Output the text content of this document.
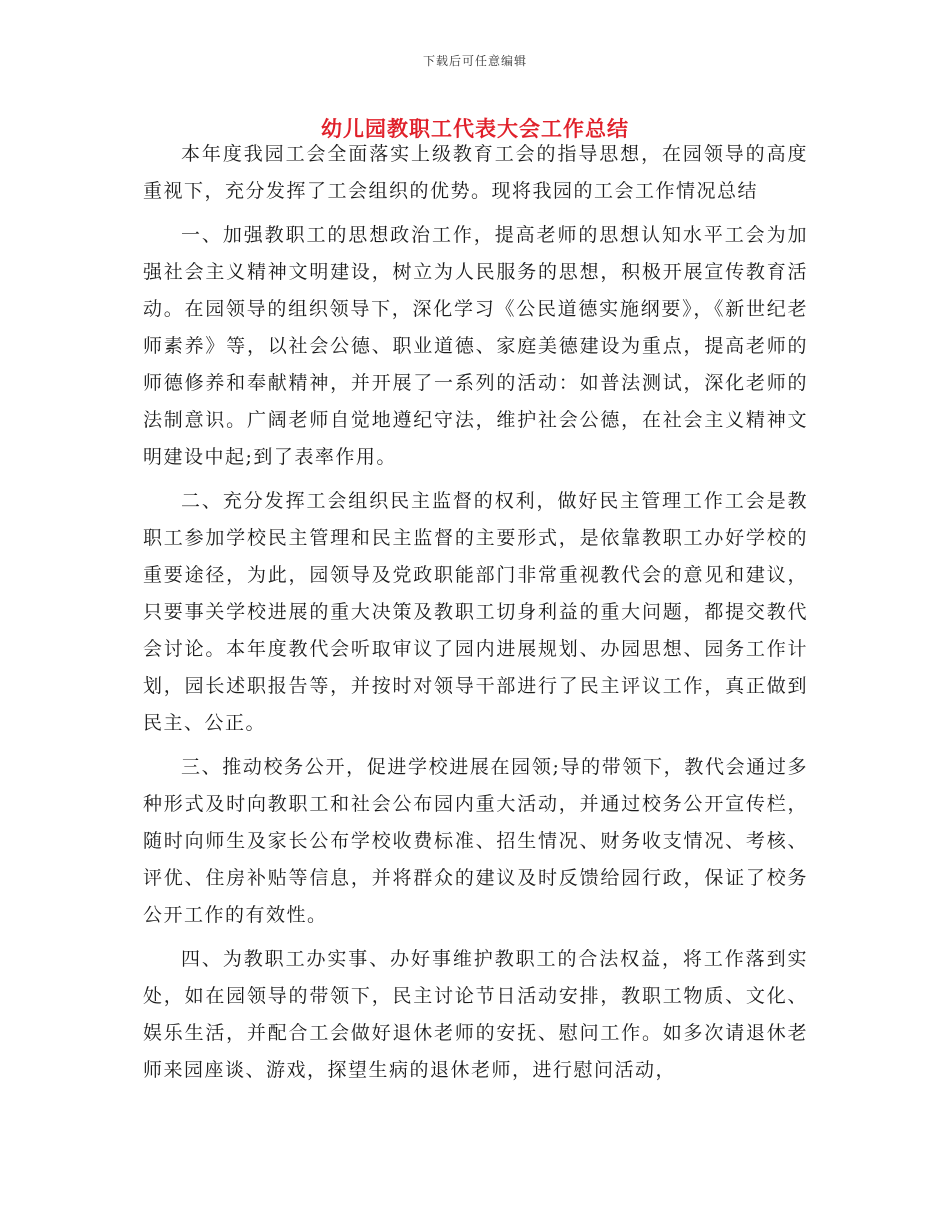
下载后可任意编辑
幼儿园教职工代表大会工作总结

本年度我园工会全面落实上级教育工会的指导思想，在园领导的高度重视下，充分发挥了工会组织的优势。现将我园的工会工作情况总结

一、加强教职工的思想政治工作，提高老师的思想认知水平工会为加强社会主义精神文明建设，树立为人民服务的思想，积极开展宣传教育活动。在园领导的组织领导下，深化学习《公民道德实施纲要》，《新世纪老师素养》等，以社会公德、职业道德、家庭美德建设为重点，提高老师的师德修养和奉献精神，并开展了一系列的活动：如普法测试，深化老师的法制意识。广阔老师自觉地遵纪守法，维护社会公德，在社会主义精神文明建设中起;到了表率作用。

二、充分发挥工会组织民主监督的权利，做好民主管理工作工会是教职工参加学校民主管理和民主监督的主要形式，是依靠教职工办好学校的重要途径，为此，园领导及党政职能部门非常重视教代会的意见和建议，只要事关学校进展的重大决策及教职工切身利益的重大问题，都提交教代会讨论。本年度教代会听取审议了园内进展规划、办园思想、园务工作计划，园长述职报告等，并按时对领导干部进行了民主评议工作，真正做到民主、公正。

三、推动校务公开，促进学校进展在园领;导的带领下，教代会通过多种形式及时向教职工和社会公布园内重大活动，并通过校务公开宣传栏，随时向师生及家长公布学校收费标准、招生情况、财务收支情况、考核、评优、住房补贴等信息，并将群众的建议及时反馈给园行政，保证了校务公开工作的有效性。

四、为教职工办实事、办好事维护教职工的合法权益，将工作落到实处，如在园领导的带领下，民主讨论节日活动安排，教职工物质、文化、娱乐生活，并配合工会做好退休老师的安抚、慰问工作。如多次请退休老师来园座谈、游戏，探望生病的退休老师，进行慰问活动，
